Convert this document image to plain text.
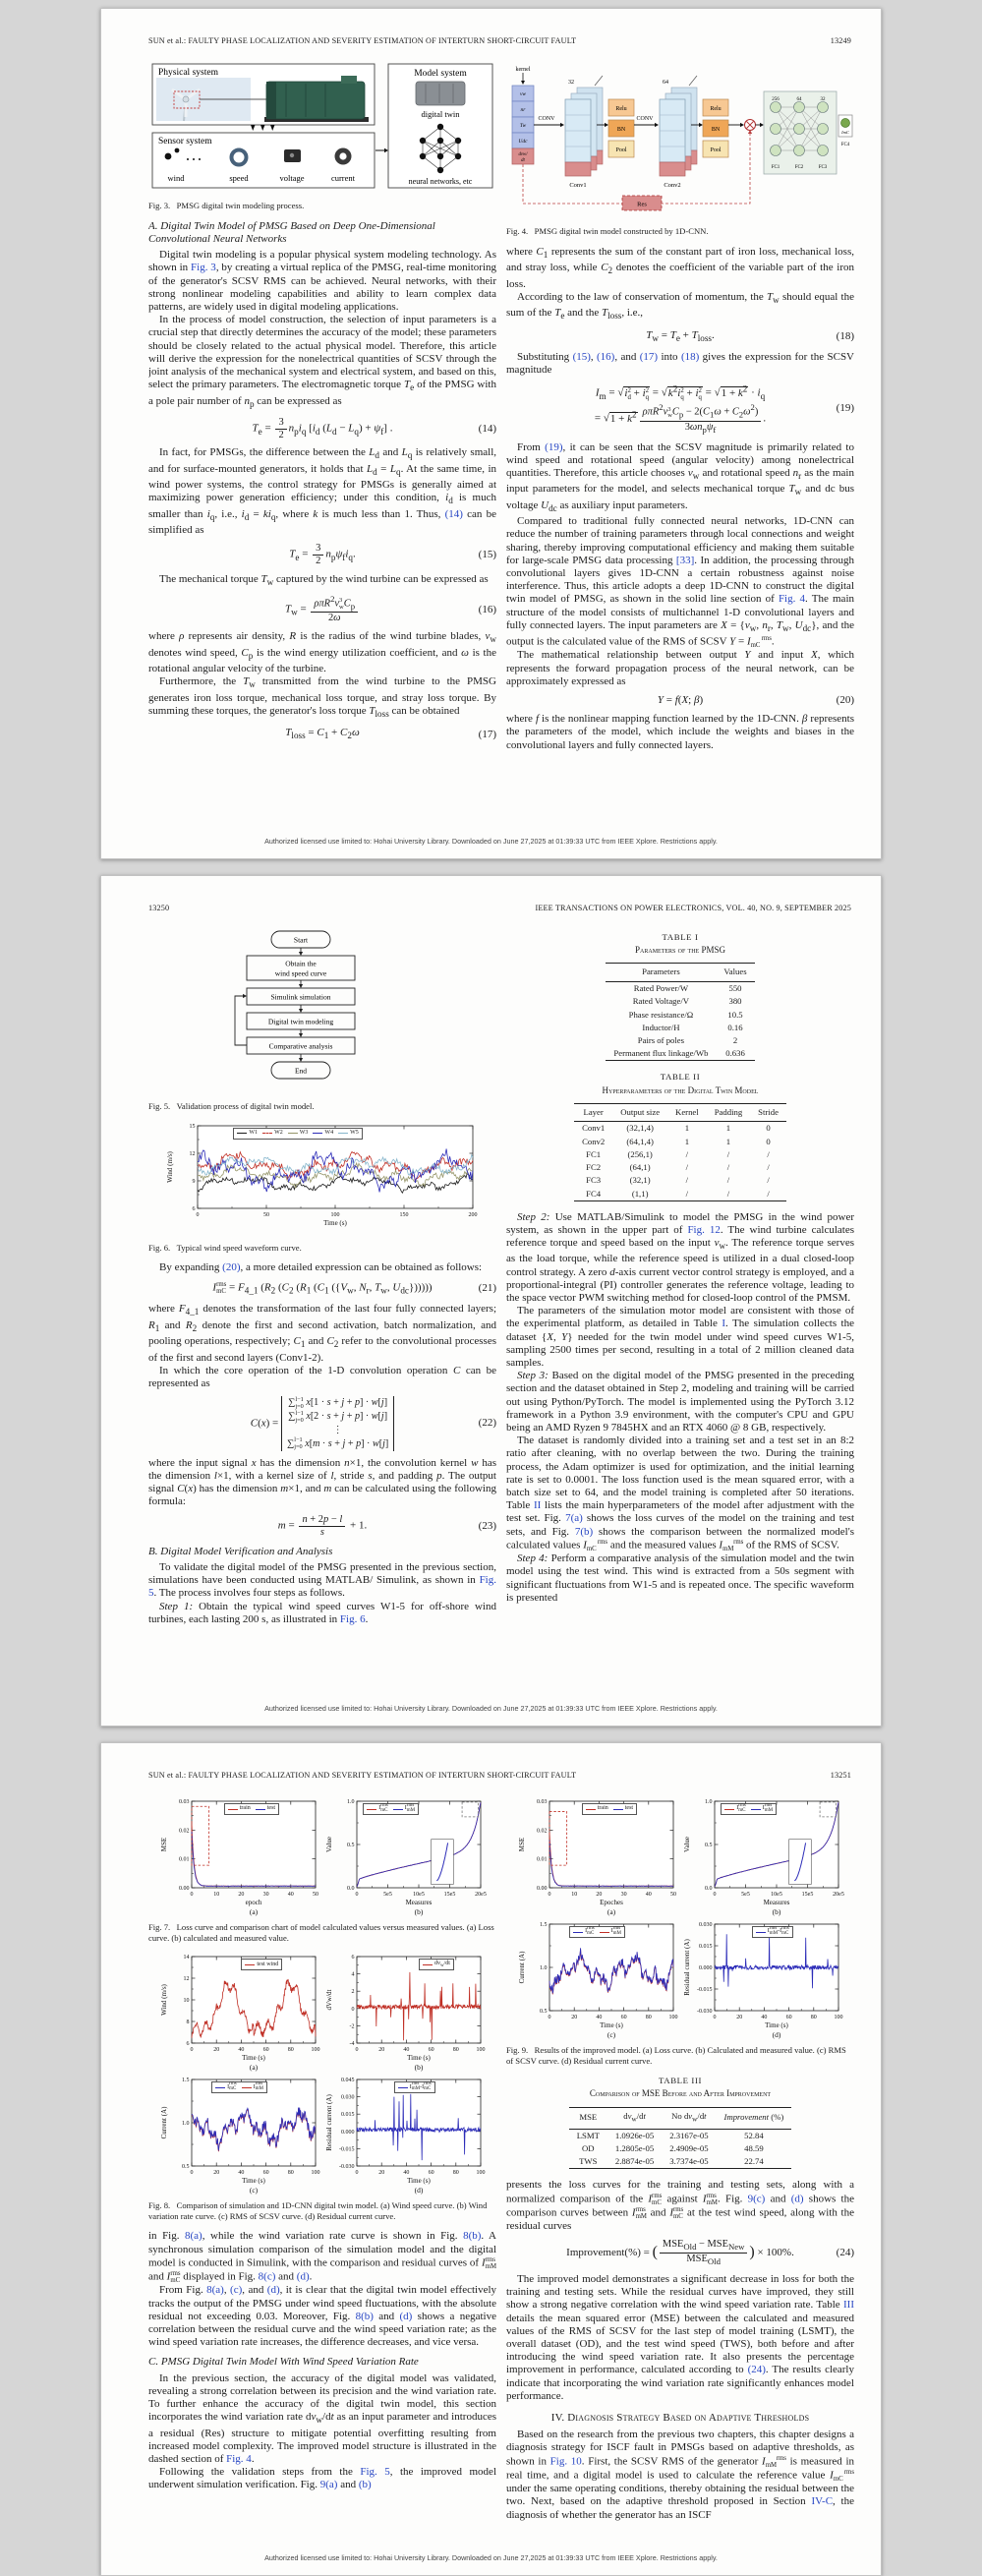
SUN et al.: FAULTY PHASE LOCALIZATION AND SEVERITY ESTIMATION OF INTERTURN SHORT-CIRCUIT FAULT	13249
Physical system
Sensor system
wind	speed	voltage	current
Model system
digital twin
neural networks, etc

Fig. 3.   PMSG digital twin modeling process.

A. Digital Twin Model of PMSG Based on Deep One-Dimensional Convolutional Neural Networks

Digital twin modeling is a popular physical system modeling technology. As shown in Fig. 3, by creating a virtual replica of the PMSG, real-time monitoring of the generator's SCSV RMS can be achieved. Neural networks, with their strong nonlinear modeling capabilities and ability to learn complex data patterns, are widely used in digital modeling applications.

In the process of model construction, the selection of input parameters is a crucial step that directly determines the accuracy of the model; these parameters should be closely related to the actual physical model. Therefore, this article will derive the expression for the nonelectrical quantities of SCSV through the joint analysis of the mechanical system and electrical system, and based on this, select the primary parameters. The electromagnetic torque $T_e$ of the PMSG with a pole pair number of $n_p$ can be expressed as

$T_e = \frac{3}{2} n_pi_q$ [$i_d$ $(L_d - L_q) + \psi_f$] .	(14)

In fact, for PMSGs, the difference between the $L_d$ and $L_q$ is relatively small, and for surface-mounted generators, it holds that $L_d = L_q$. At the same time, in wind power systems, the control strategy for PMSGs is generally aimed at maximizing power generation efficiency; under this condition, $i_d$ is much smaller than $i_q$, i.e., $i_d = ki_q$, where k is much less than 1. Thus, (14) can be simplified as

$T_e = \frac{3}{2} n_p\psi_fi_q$.	(15)

The mechanical torque $T_w$ captured by the wind turbine can be expressed as

$T_w = \rho\pi R^2v3$
$wC_p$
2ω
(16)

where ρ represents air density, R is the radius of the wind turbine blades, $v_w$ denotes wind speed, $C_p$ is the wind energy utilization coefficient, and ω is the rotational angular velocity of the turbine.

Furthermore, the $T_w$ transmitted from the wind turbine to the PMSG generates iron loss torque, mechanical loss torque, and stray loss torque. By summing these torques, the generator's loss torque $T_{loss}$ can be obtained

$T_{loss} = C_1 + C_2\omega$	(17)
kernel
vw
nr
Tw
Udc
dvw/
dt
CONV
32
Conv1
Relu
BN
Pool
CONV
64
Conv2
Relu
BN
Pool
256	64	32
FC1	FC2	FC3
ImC
FC4
Res

Fig. 4.   PMSG digital twin model constructed by 1D-CNN.

where $C_1$ represents the sum of the constant part of iron loss, mechanical loss, and stray loss, while $C_2$ denotes the coefficient of the variable part of the iron loss.

According to the law of conservation of momentum, the $T_w$ should equal the sum of the $T_e$ and the $T_{loss}$, i.e.,

$T_w = T_e + T_{loss}$.	(18)

Substituting (15), (16), and (17) into (18) gives the expression for the SCSV magnitude

$I_m = √i2$
d + i2
$q = √k^2i2$
q + i2
$q = √1 + k^2 \cdot i_q$
= $√1 + k^2$ ρπR$^2$v3
$wC_p - 2(C_1\omega + C_2\omega^2)$
$3\omega n_p\psi_f$
.
(19)

From (19), it can be seen that the SCSV magnitude is primarily related to wind speed and rotational speed (angular velocity) among nonelectrical quantities. Therefore, this article chooses $v_w$ and rotational speed $n_r$ as the main input parameters for the model, and selects mechanical torque $T_w$ and dc bus voltage $U_{dc}$ as auxiliary input parameters.

Compared to traditional fully connected neural networks, 1D-CNN can reduce the number of training parameters through local connections and weight sharing, thereby improving computational efficiency and making them suitable for large-scale PMSG data processing [33]. In addition, the processing through convolutional layers gives 1D-CNN a certain robustness against noise interference. Thus, this article adopts a deep 1D-CNN to construct the digital twin model of PMSG, as shown in the solid line section of Fig. 4. The main structure of the model consists of multichannel 1-D convolutional layers and fully connected layers. The input parameters are $X = \{v_w$, $n_r$, $T_w$, $U_{dc}$}, and the output is the calculated value of the RMS of SCSV Y = I rms
mC .

The mathematical relationship between output Y and input X, which represents the forward propagation process of the neural network, can be approximately expressed as

Y = f(X; β)	(20)

where f is the nonlinear mapping function learned by the 1D-CNN. β represents the parameters of the model, which include the weights and biases in the convolutional layers and fully connected layers.

Authorized licensed use limited to: Hohai University Library. Downloaded on June 27,2025 at 01:39:33 UTC from IEEE Xplore. Restrictions apply.
13250	IEEE TRANSACTIONS ON POWER ELECTRONICS, VOL. 40, NO. 9, SEPTEMBER 2025
Start
Obtain the
wind speed curve
Simulink simulation
Digital twin modeling
Comparative analysis
End

Fig. 5.   Validation process of digital twin model.

15
12
9
6
0	50	100	150	200
Time (s)
Wind (m/s)
W1	W2	W3	W4	W5

Fig. 6.   Typical wind speed waveform curve.

By expanding (20), a more detailed expression can be obtained as follows:

Irms
mC = $F_{4\_1}$ ($R_2$ ($C_2$ ($R_1$ ($C_1$ ({$V_w$, $N_r$, $T_w$, $U_{dc}$})))))	(21)

where $F_{4\_1}$ denotes the transformation of the last four fully connected layers; $R_1$ and $R_2$ denote the first and second activation, batch normalization, and pooling operations, respectively; $C_1$ and $C_2$ refer to the convolutional processes of the first and second layers (Conv1-2).

In which the core operation of the 1-D convolution operation C can be represented as

C(x) =
∑l−1
j=0 x[1 · s + j + p] · w[j]
∑l−1
j=0 x[2 · s + j + p] · w[j]
⋮
∑l−1
j=0 x[m · s + j + p] · w[j]
(22)

where the input signal x has the dimension n×1, the convolution kernel w has the dimension l×1, with a kernel size of l, stride s, and padding p. The output signal C(x) has the dimension m×1, and m can be calculated using the following formula:

$m = \frac{n + 2p - l}{s} + 1$.	(23)

B. Digital Model Verification and Analysis

To validate the digital model of the PMSG presented in the previous section, simulations have been conducted using MATLAB/ Simulink, as shown in Fig. 5. The process involves four steps as follows.

Step 1: Obtain the typical wind speed curves W1-5 for off-shore wind turbines, each lasting 200 s, as illustrated in Fig. 6.

TABLE I
Parameters of the PMSG
Parameters	Values
Rated Power/W	550
Rated Voltage/V	380
Phase resistance/Ω	10.5
Inductor/H	0.16
Pairs of poles	2
Permanent flux linkage/Wb	0.636
TABLE II
Hyperparameters of the Digital Twin Model
Layer	Output size	Kernel	Padding	Stride
Conv1	(32,1,4)	1	1	0
Conv2	(64,1,4)	1	1	0
FC1	(256,1)	/	/	/
FC2	(64,1)	/	/	/
FC3	(32,1)	/	/	/
FC4	(1,1)	/	/	/

Step 2: Use MATLAB/Simulink to model the PMSG in the wind power system, as shown in the upper part of Fig. 12. The wind turbine calculates reference torque and speed based on the input $v_w$. The reference torque serves as the load torque, while the reference speed is utilized in a dual closed-loop control strategy. A zero d-axis current vector control strategy is employed, and a proportional-integral (PI) controller generates the reference voltage, leading to the space vector PWM switching method for closed-loop control of the PMSM.

The parameters of the simulation motor model are consistent with those of the experimental platform, as detailed in Table I. The simulation collects the dataset {X, Y} needed for the twin model under wind speed curves W1-5, sampling 2500 times per second, resulting in a total of 2 million cleaned data samples.

Step 3: Based on the digital model of the PMSG presented in the preceding section and the dataset obtained in Step 2, modeling and training will be carried out using Python/PyTorch. The model is implemented using the PyTorch 3.12 framework in a Python 3.9 environment, with the computer's CPU and GPU being an AMD Ryzen 9 7845HX and an RTX 4060 @ 8 GB, respectively.

The dataset is randomly divided into a training set and a test set in an 8:2 ratio after cleaning, with no overlap between the two. During the training process, the Adam optimizer is used for optimization, and the initial learning rate is set to 0.0001. The loss function used is the mean squared error, with a batch size set to 64, and the model training is completed after 50 iterations. Table II lists the main hyperparameters of the model after adjustment with the test set. Fig. 7(a) shows the loss curves of the model on the training and test sets, and Fig. 7(b) shows the comparison between the normalized model's calculated values I rms
mC and the measured values I rms
mM of the RMS of SCSV.

Step 4: Perform a comparative analysis of the simulation model and the twin model using the test wind. This wind is extracted from a 50s segment with significant fluctuations from W1-5 and is repeated once. The specific waveform is presented

Authorized licensed use limited to: Hohai University Library. Downloaded on June 27,2025 at 01:39:33 UTC from IEEE Xplore. Restrictions apply.
SUN et al.: FAULTY PHASE LOCALIZATION AND SEVERITY ESTIMATION OF INTERTURN SHORT-CIRCUIT FAULT	13251
0.03
0.02
0.01
0.00
0	10	20	30	40	50
epoch
(a)
MSE
train	test
1.0
0.5
0.0
0	5e5	10e5	15e5	20e5
Measures
(b)
Value
Irms
mC	Irms
mM

Fig. 7.   Loss curve and comparison chart of model calculated values versus measured values. (a) Loss curve. (b) calculated and measured value.

14
12
10
8
6
0	20	40	60	80	100
Time (s)
(a)
Wind (m/s)
test wind
6
4
2
0
-2
-4
0	20	40	60	80	100
Time (s)
(b)
dVw/dt
$dv_w/dt$
1.5
1.0
0.5
0	20	40	60	80	100
Time (s)
(c)
Current (A)
Irms
mC	Irms
mM
0.045
0.030
0.015
0.000
-0.015
-0.030
0	20	40	60	80	100
Time (s)
(d)
Residual current (A)
Irms
mM-Irms
mC

Fig. 8.   Comparison of simulation and 1D-CNN digital twin model. (a) Wind speed curve. (b) Wind variation rate curve. (c) RMS of SCSV curve. (d) Residual current curve.

in Fig. 8(a), while the wind variation rate curve is shown in Fig. 8(b). A synchronous simulation comparison of the simulation model and the digital model is conducted in Simulink, with the comparison and residual curves of Irms
mM and Irms
mC displayed in Fig. 8(c) and (d).

From Fig. 8(a), (c), and (d), it is clear that the digital twin model effectively tracks the output of the PMSG under wind speed fluctuations, with the absolute residual not exceeding 0.03. Moreover, Fig. 8(b) and (d) shows a negative correlation between the residual curve and the wind speed variation rate; as the wind speed variation rate increases, the difference decreases, and vice versa.

C. PMSG Digital Twin Model With Wind Speed Variation Rate

In the previous section, the accuracy of the digital model was validated, revealing a strong correlation between its precision and the wind variation rate. To further enhance the accuracy of the digital twin model, this section incorporates the wind variation rate $dv_w/dt$ as an input parameter and introduces a residual (Res) structure to mitigate potential overfitting resulting from increased model complexity. The improved model structure is illustrated in the dashed section of Fig. 4.

Following the validation steps from the Fig. 5, the improved model underwent simulation verification. Fig. 9(a) and (b)

0.03
0.02
0.01
0.00
0	10	20	30	40	50
Epoches
(a)
MSE
train	test
1.0
0.5
0.0
0	5e5	10e5	15e5	20e5
Measures
(b)
Value
Irms
mC	Irms
mM
1.5
1.0
0.5
0	20	40	60	80	100
Time (s)
(c)
Current (A)
Irms
mC	Irms
mM
0.030
0.015
0.000
-0.015
-0.030
0	20	40	60	80	100
Time (s)
(d)
Residual current (A)
Irms
mM-Irms
mC

Fig. 9.   Results of the improved model. (a) Loss curve. (b) Calculated and measured value. (c) RMS of SCSV curve. (d) Residual current curve.

TABLE III
Comparison of MSE Before and After Improvement
MSE	$dv_w/dt$	No $dv_w/dt$	Improvement (%)
LSMT	1.0926e-05	2.3167e-05	52.84
OD	1.2805e-05	2.4909e-05	48.59
TWS	2.8874e-05	3.7374e-05	22.74

presents the loss curves for the training and testing sets, along with a normalized comparison of the Irms
mC against Irms
mM. Fig. 9(c) and (d) shows the comparison curves between Irms
mM and Irms
mC at the test wind speed, along with the residual curves

Improvement(%) = ( $\frac{MSE_{Old} - MSE_{New}}{MSE_{Old}}$ ) × 100%.	(24)

The improved model demonstrates a significant decrease in loss for both the training and testing sets. While the residual curves have improved, they still show a strong negative correlation with the wind speed variation rate. Table III details the mean squared error (MSE) between the calculated and measured values of the RMS of SCSV for the last step of model training (LSMT), the overall dataset (OD), and the test wind speed (TWS), both before and after introducing the wind speed variation rate. It also presents the percentage improvement in performance, calculated according to (24). The results clearly indicate that incorporating the wind variation rate significantly enhances model performance.

IV. Diagnosis Strategy Based on Adaptive Thresholds

Based on the research from the previous two chapters, this chapter designs a diagnosis strategy for ISCF fault in PMSGs based on adaptive thresholds, as shown in Fig. 10. First, the SCSV RMS of the generator I rms
mM is measured in real time, and a digital model is used to calculate the reference value I rms
mC under the same operating conditions, thereby obtaining the residual between the two. Next, based on the adaptive threshold proposed in Section IV-C, the diagnosis of whether the generator has an ISCF

Authorized licensed use limited to: Hohai University Library. Downloaded on June 27,2025 at 01:39:33 UTC from IEEE Xplore. Restrictions apply.
